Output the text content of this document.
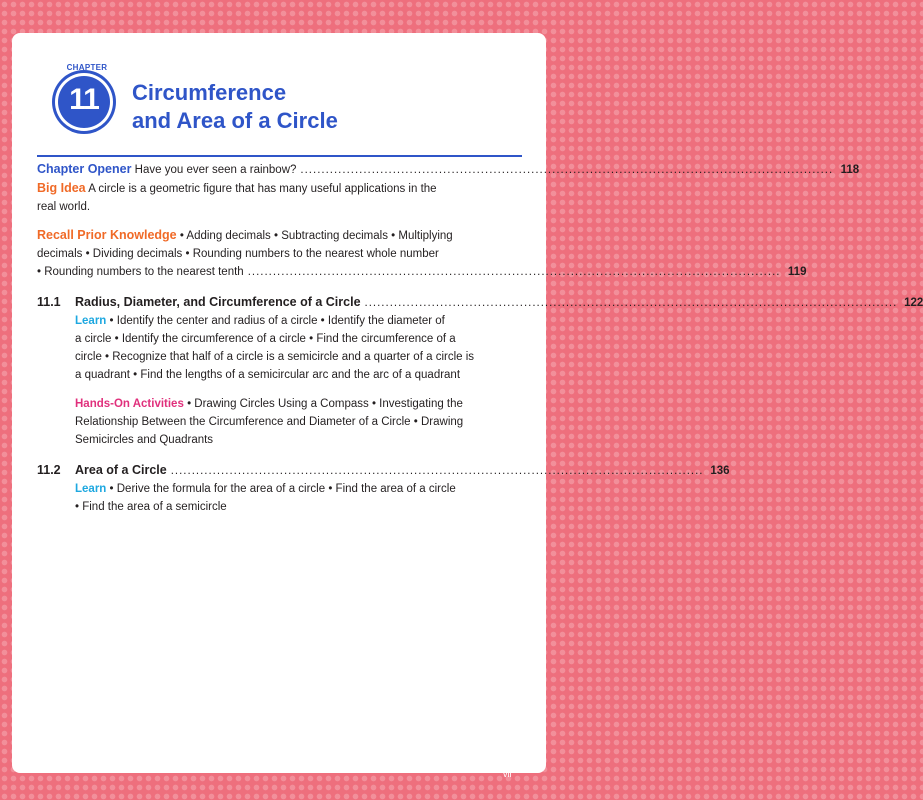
CHAPTER
11	Circumference
and Area of a Circle
Chapter Opener Have you ever seen a rainbow? ............................................................................................................................... 118
Big Idea A circle is a geometric figure that has many useful applications in the
real world.
Recall Prior Knowledge • Adding decimals • Subtracting decimals • Multiplying
decimals • Dividing decimals • Rounding numbers to the nearest whole number
• Rounding numbers to the nearest tenth ............................................................................................................................... 119
11.1 Radius, Diameter, and Circumference of a Circle ............................................................................................................................... 122
Learn • Identify the center and radius of a circle • Identify the diameter of
a circle • Identify the circumference of a circle • Find the circumference of a
circle • Recognize that half of a circle is a semicircle and a quarter of a circle is
a quadrant • Find the lengths of a semicircular arc and the arc of a quadrant
Hands-On Activities • Drawing Circles Using a Compass • Investigating the
Relationship Between the Circumference and Diameter of a Circle • Drawing
Semicircles and Quadrants
11.2 Area of a Circle ............................................................................................................................... 136
Learn • Derive the formula for the area of a circle • Find the area of a circle
• Find the area of a semicircle
vii
